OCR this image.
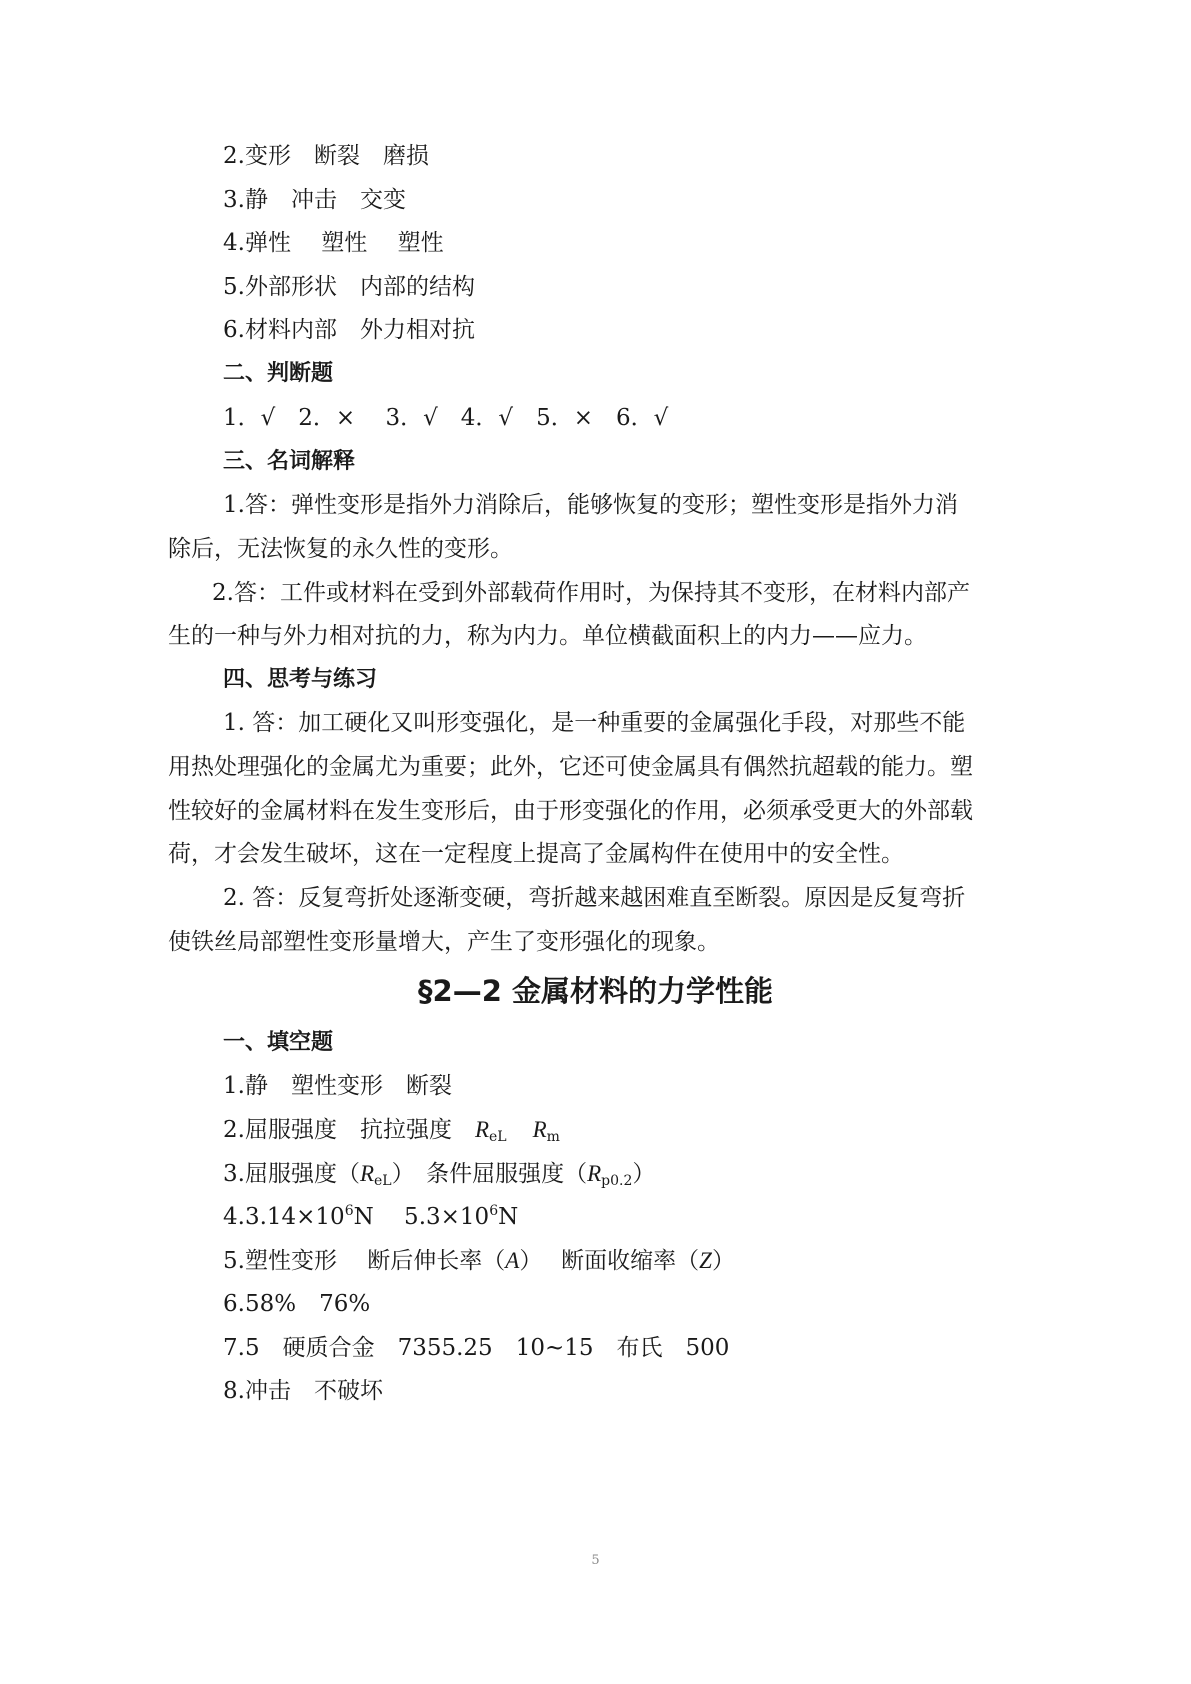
2.变形　断裂　磨损
3.静　冲击　交变
4.弹性　 塑性　 塑性
5.外部形状　内部的结构
6.材料内部　外力相对抗
二、判断题
1．√　2．×　 3．√　4．√　5．×　6．√
三、名词解释
1.答：弹性变形是指外力消除后，能够恢复的变形；塑性变形是指外力消
除后，无法恢复的永久性的变形。
2.答：工件或材料在受到外部载荷作用时，为保持其不变形，在材料内部产
生的一种与外力相对抗的力，称为内力。单位横截面积上的内力——应力。
四、思考与练习
1. 答：加工硬化又叫形变强化，是一种重要的金属强化手段，对那些不能
用热处理强化的金属尤为重要；此外，它还可使金属具有偶然抗超载的能力。塑
性较好的金属材料在发生变形后，由于形变强化的作用，必须承受更大的外部载
荷，才会发生破坏，这在一定程度上提高了金属构件在使用中的安全性。
2. 答：反复弯折处逐渐变硬，弯折越来越困难直至断裂。原因是反复弯折
使铁丝局部塑性变形量增大，产生了变形强化的现象。
§2—2 金属材料的力学性能
一、填空题
1.静　塑性变形　断裂
2.屈服强度　抗拉强度　$R_{eL}$ $R_m$
3.屈服强度$(R_{eL})$　条件屈服强度$(R_{p0.2})$
$4.3.14\times 10^6N$　 $5.3\times 10^6N$
5.塑性变形　 断后伸长率（A）　 断面收缩率（Z）
6.58%　76%
7.5　硬质合金　7355.25　10~15　布氏　500
8.冲击　不破坏
5
